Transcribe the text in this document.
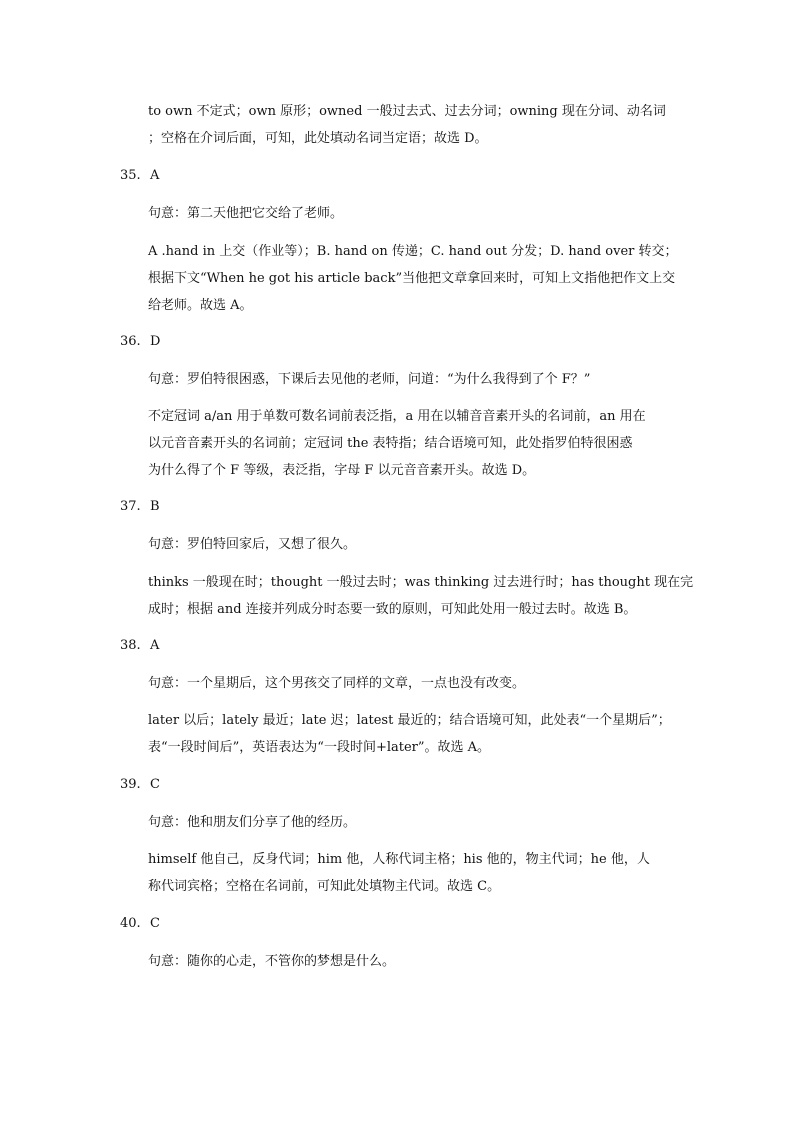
to own 不定式；own 原形；owned 一般过去式、过去分词；owning 现在分词、动名词
；空格在介词后面，可知，此处填动名词当定语；故选 D。
35. A
句意：第二天他把它交给了老师。
A .hand in 上交（作业等）；B. hand on 传递；C. hand out 分发；D. hand over 转交；
根据下文“When he got his article back”当他把文章拿回来时，可知上文指他把作文上交
给老师。故选 A。
36. D
句意：罗伯特很困惑，下课后去见他的老师，问道：“为什么我得到了个 F？”
不定冠词 a/an 用于单数可数名词前表泛指，a 用在以辅音音素开头的名词前，an 用在
以元音音素开头的名词前；定冠词 the 表特指；结合语境可知，此处指罗伯特很困惑
为什么得了个 F 等级，表泛指，字母 F 以元音音素开头。故选 D。
37. B
句意：罗伯特回家后，又想了很久。
thinks 一般现在时；thought 一般过去时；was thinking 过去进行时；has thought 现在完
成时；根据 and 连接并列成分时态要一致的原则，可知此处用一般过去时。故选 B。
38. A
句意：一个星期后，这个男孩交了同样的文章，一点也没有改变。
later 以后；lately 最近；late 迟；latest 最近的；结合语境可知，此处表“一个星期后”；
表“一段时间后”，英语表达为“一段时间+later”。故选 A。
39. C
句意：他和朋友们分享了他的经历。
himself 他自己，反身代词；him 他，人称代词主格；his 他的，物主代词；he 他，人
称代词宾格；空格在名词前，可知此处填物主代词。故选 C。
40. C
句意：随你的心走，不管你的梦想是什么。
